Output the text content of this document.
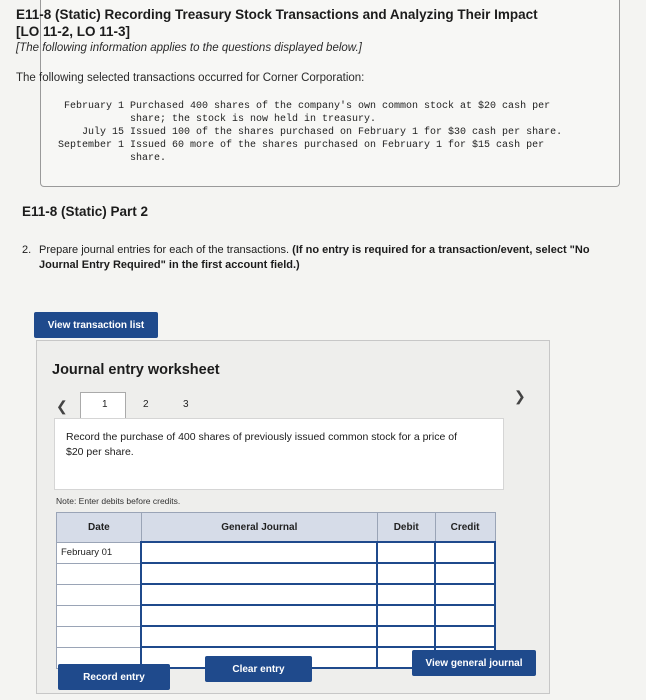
E11-8 (Static) Recording Treasury Stock Transactions and Analyzing Their Impact [LO 11-2, LO 11-3]
[The following information applies to the questions displayed below.]
The following selected transactions occurred for Corner Corporation:
February 1 Purchased 400 shares of the company's own common stock at $20 cash per share; the stock is now held in treasury.
July 15 Issued 100 of the shares purchased on February 1 for $30 cash per share.
September 1 Issued 60 more of the shares purchased on February 1 for $15 cash per share.
E11-8 (Static) Part 2
2. Prepare journal entries for each of the transactions. (If no entry is required for a transaction/event, select "No Journal Entry Required" in the first account field.)
View transaction list
Journal entry worksheet
❮	1	2	3
❯
Record the purchase of 400 shares of previously issued common stock for a price of $20 per share.
Note: Enter debits before credits.
Date	General Journal	Debit	Credit
February 01			

Record entry
Clear entry
View general journal
